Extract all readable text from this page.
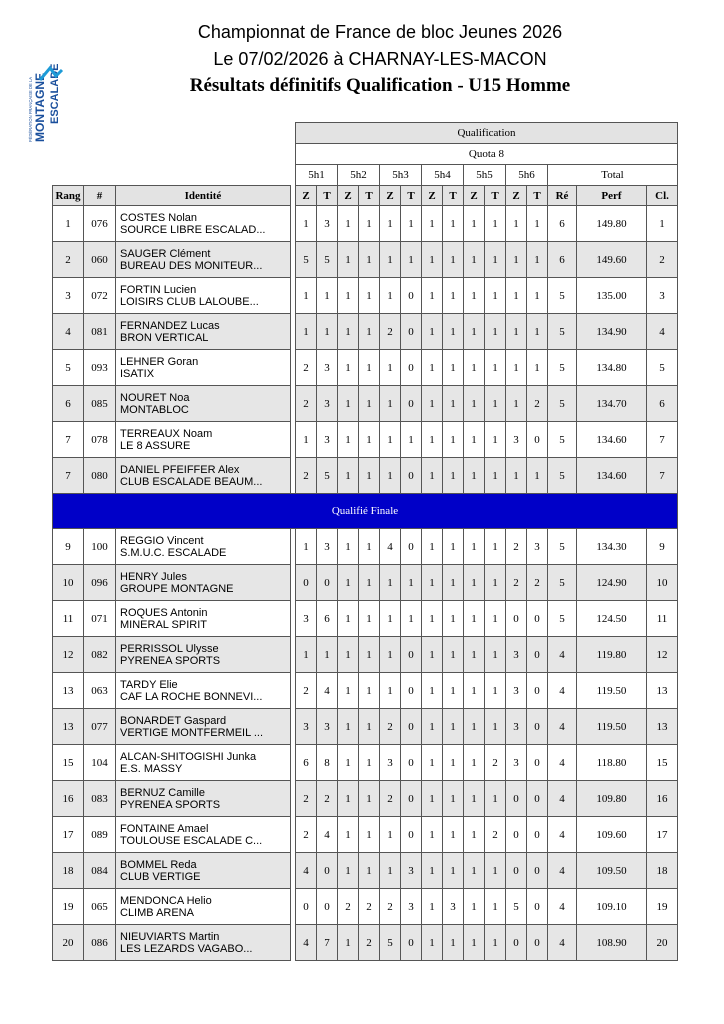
FÉDÉRATION FRANÇAISE DE LA MONTAGNE ESCALADE
Championnat de France de bloc Jeunes 2026
Le 07/02/2026 à CHARNAY-LES-MACON
Résultats définitifs Qualification - U15 Homme
				Qualification														
				Quota 8														
				5h1		5h2		5h3		5h4		5h5		5h6		Total		
Rang	#	Identité		Z	T	Z	T	Z	T	Z	T	Z	T	Z	T	Ré	Perf	Cl.
1	076	COSTES Nolan
SOURCE LIBRE ESCALAD...		1	3	1	1	1	1	1	1	1	1	1	1	6	149.80	1
2	060	SAUGER Clément
BUREAU DES MONITEUR...		5	5	1	1	1	1	1	1	1	1	1	1	6	149.60	2
3	072	FORTIN Lucien
LOISIRS CLUB LALOUBE...		1	1	1	1	1	0	1	1	1	1	1	1	5	135.00	3
4	081	FERNANDEZ Lucas
BRON VERTICAL		1	1	1	1	2	0	1	1	1	1	1	1	5	134.90	4
5	093	LEHNER Goran
ISATIX		2	3	1	1	1	0	1	1	1	1	1	1	5	134.80	5
6	085	NOURET Noa
MONTABLOC		2	3	1	1	1	0	1	1	1	1	1	2	5	134.70	6
7	078	TERREAUX Noam
LE 8 ASSURE		1	3	1	1	1	1	1	1	1	1	3	0	5	134.60	7
7	080	DANIEL PFEIFFER Alex
CLUB ESCALADE BEAUM...		2	5	1	1	1	0	1	1	1	1	1	1	5	134.60	7
Qualifié Finale																		
9	100	REGGIO Vincent
S.M.U.C. ESCALADE		1	3	1	1	4	0	1	1	1	1	2	3	5	134.30	9
10	096	HENRY Jules
GROUPE MONTAGNE		0	0	1	1	1	1	1	1	1	1	2	2	5	124.90	10
11	071	ROQUES Antonin
MINERAL SPIRIT		3	6	1	1	1	1	1	1	1	1	0	0	5	124.50	11
12	082	PERRISSOL Ulysse
PYRENEA SPORTS		1	1	1	1	1	0	1	1	1	1	3	0	4	119.80	12
13	063	TARDY Elie
CAF LA ROCHE BONNEVI...		2	4	1	1	1	0	1	1	1	1	3	0	4	119.50	13
13	077	BONARDET Gaspard
VERTIGE MONTFERMEIL ...		3	3	1	1	2	0	1	1	1	1	3	0	4	119.50	13
15	104	ALCAN-SHITOGISHI Junka
E.S. MASSY		6	8	1	1	3	0	1	1	1	2	3	0	4	118.80	15
16	083	BERNUZ Camille
PYRENEA SPORTS		2	2	1	1	2	0	1	1	1	1	0	0	4	109.80	16
17	089	FONTAINE Amael
TOULOUSE ESCALADE C...		2	4	1	1	1	0	1	1	1	2	0	0	4	109.60	17
18	084	BOMMEL Reda
CLUB VERTIGE		4	0	1	1	1	3	1	1	1	1	0	0	4	109.50	18
19	065	MENDONCA Helio
CLIMB ARENA		0	0	2	2	2	3	1	3	1	1	5	0	4	109.10	19
20	086	NIEUVIARTS Martin
LES LEZARDS VAGABO...		4	7	1	2	5	0	1	1	1	1	0	0	4	108.90	20
